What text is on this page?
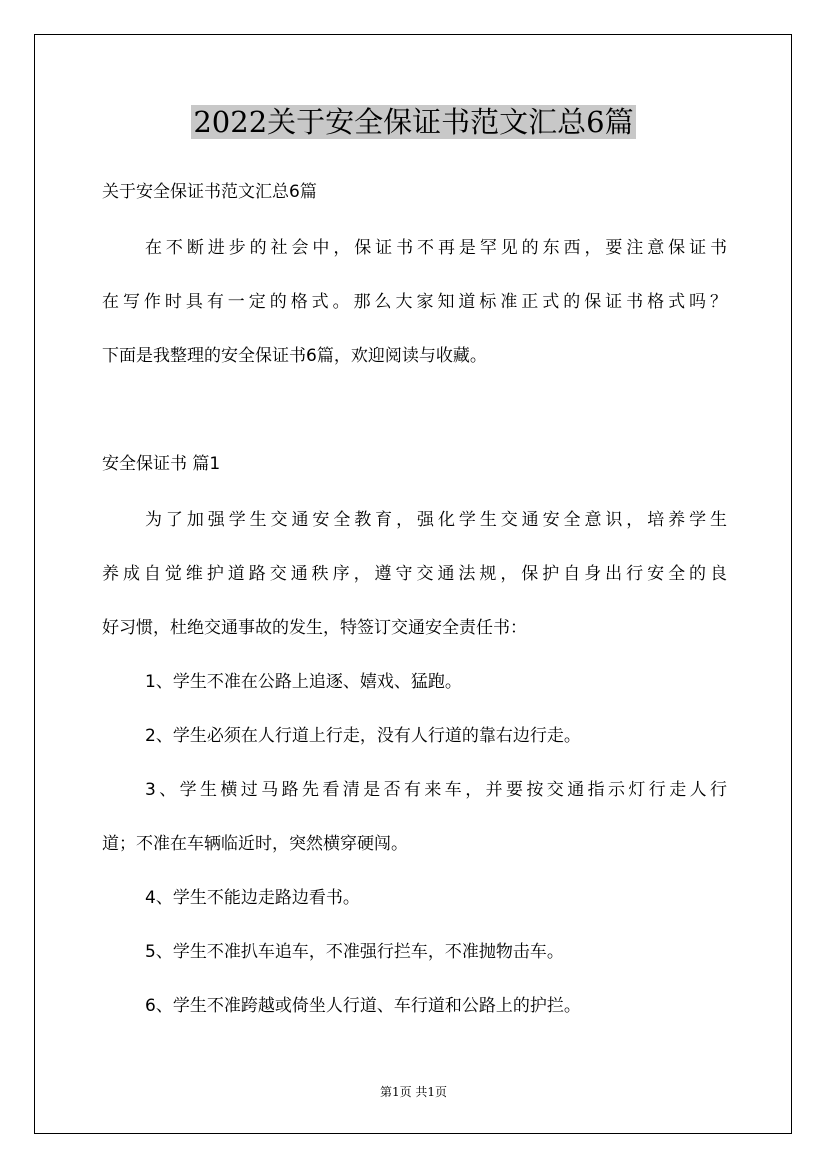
2022关于安全保证书范文汇总6篇
关于安全保证书范文汇总6篇
在不断进步的社会中，保证书不再是罕见的东西，要注意保证书
在写作时具有一定的格式。那么大家知道标准正式的保证书格式吗？
下面是我整理的安全保证书6篇，欢迎阅读与收藏。
安全保证书 篇1
为了加强学生交通安全教育，强化学生交通安全意识，培养学生
养成自觉维护道路交通秩序，遵守交通法规，保护自身出行安全的良
好习惯，杜绝交通事故的发生，特签订交通安全责任书：
1、学生不准在公路上追逐、嬉戏、猛跑。
2、学生必须在人行道上行走，没有人行道的靠右边行走。
3、学生横过马路先看清是否有来车，并要按交通指示灯行走人行
道；不准在车辆临近时，突然横穿硬闯。
4、学生不能边走路边看书。
5、学生不准扒车追车，不准强行拦车，不准抛物击车。
6、学生不准跨越或倚坐人行道、车行道和公路上的护拦。
第1页 共1页
